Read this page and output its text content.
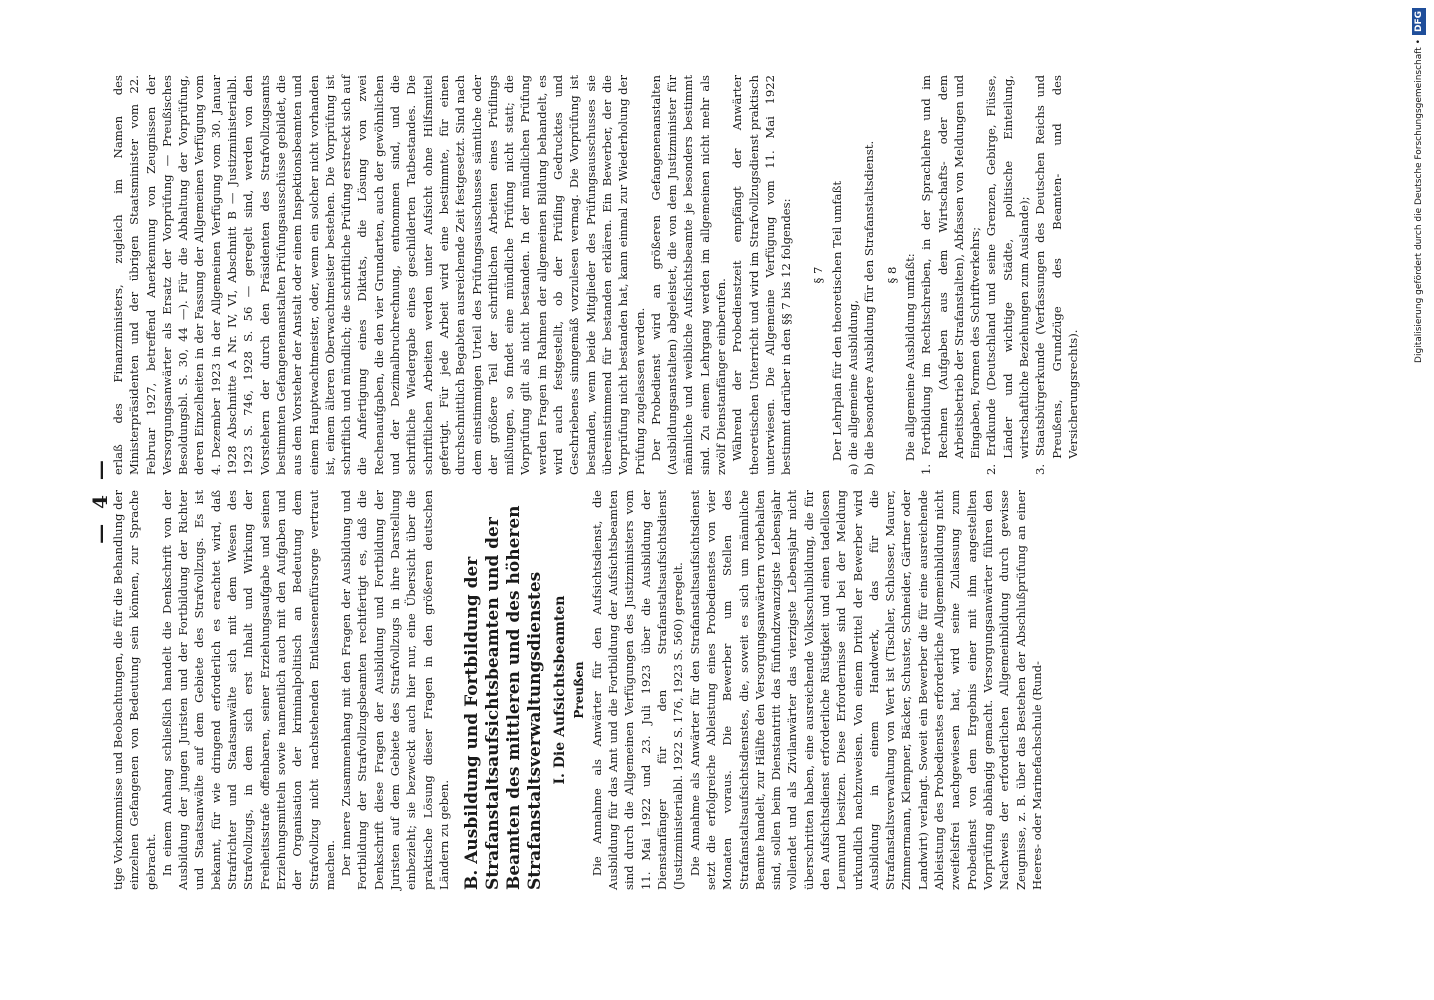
— 4 — tige Vorkommnisse und Beobachtungen, die für die Behandlung der einzelnen Gefangenen von Bedeutung sein können, zur Sprache gebracht. In einem Anhang schließlich handelt die Denkschrift von der Ausbildung der jungen Juristen und der Fortbildung der Richter und Staatsanwälte auf dem Gebiete des Strafvollzugs. Es ist bekannt, für wie dringend erforderlich es erachtet wird, daß Strafrichter und Staatsanwälte sich mit dem Wesen des Strafvollzugs, in dem sich erst Inhalt und Wirkung der Freiheitsstrafe offenbaren, seiner Erziehungsaufgabe und seinen Erziehungsmitteln sowie namentlich auch mit den Aufgaben und der Organisation der kriminalpolitisch an Bedeutung dem Strafvollzug nicht nachstehenden Entlassenenfürsorge vertraut machen. Der innere Zusammenhang mit den Fragen der Ausbildung und Fortbildung der Strafvollzugsbeamten rechtfertigt es, daß die Denkschrift diese Fragen der Ausbildung und Fortbildung der Juristen auf dem Gebiete des Strafvollzugs in ihre Darstellung einbezieht; sie bezweckt auch hier nur, eine Übersicht über die praktische Lösung dieser Fragen in den größeren deutschen Ländern zu geben. B. Ausbildung und Fortbildung der Strafanstaltsaufsichtsbeamten und der Beamten des mittleren und des höheren Strafanstaltsverwaltungsdienstes I. Die Aufsichtsbeamten Preußen Die Annahme als Anwärter für den Aufsichtsdienst, die Ausbildung für das Amt und die Fortbildung der Aufsichtsbeamten sind durch die Allgemeinen Verfügungen des Justizministers vom 11. Mai 1922 und 23. Juli 1923 über die Ausbildung der Dienstanfänger für den Strafanstaltsaufsichtsdienst (Justizministerialbl. 1922 S. 176, 1923 S. 560) geregelt. Die Annahme als Anwärter für den Strafanstaltsaufsichtsdienst setzt die erfolgreiche Ableistung eines Probedienstes von vier Monaten voraus. Die Bewerber um Stellen des Strafanstaltsaufsichtsdienstes, die, soweit es sich um männliche Beamte handelt, zur Hälfte den Versorgungsanwärtern vorbehalten sind, sollen beim Dienstantritt das fünfundzwanzigste Lebensjahr vollendet und als Zivilanwärter das vierzigste Lebensjahr nicht überschritten haben, eine ausreichende Volksschulbildung, die für den Aufsichtsdienst erforderliche Rüstigkeit und einen tadellosen Leumund besitzen. Diese Erfordernisse sind bei der Meldung urkundlich nachzuweisen. Von einem Drittel der Bewerber wird Ausbildung in einem Handwerk, das für die Strafanstaltsverwaltung von Wert ist (Tischler, Schlosser, Maurer, Zimmermann, Klempner, Bäcker, Schuster, Schneider, Gärtner oder Landwirt) verlangt. Soweit ein Bewerber die für eine ausreichende Ableistung des Probedienstes erforderliche Allgemeinbildung nicht zweifelsfrei nachgewiesen hat, wird seine Zulassung zum Probedienst von dem Ergebnis einer mit ihm angestellten Vorprüfung abhängig gemacht. Versorgungsanwärter führen den Nachweis der erforderlichen Allgemeinbildung durch gewisse Zeugnisse, z. B. über das Bestehen der Abschlußprüfung an einer Heeres- oder Marinefachschule (Rund-

erlaß des Finanzministers, zugleich im Namen des Ministerpräsidenten und der übrigen Staatsminister vom 22. Februar 1927, betreffend Anerkennung von Zeugnissen der Versorgungsanwärter als Ersatz der Vorprüfung — Preußisches Besoldungsbl. S. 30, 44 —). Für die Abhaltung der Vorprüfung, deren Einzelheiten in der Fassung der Allgemeinen Verfügung vom 4. Dezember 1923 in der Allgemeinen Verfügung vom 30. Januar 1928 Abschnitte A Nr. IV, VI, Abschnitt B — Justizministerialbl. 1923 S. 746, 1928 S. 56 — geregelt sind, werden von den Vorstehern der durch den Präsidenten des Strafvollzugsamts bestimmten Gefangenenanstalten Prüfungsausschüsse gebildet, die aus dem Vorsteher der Anstalt oder einem Inspektionsbeamten und einem Hauptwachtmeister, oder, wenn ein solcher nicht vorhanden ist, einem älteren Oberwachtmeister bestehen. Die Vorprüfung ist schriftlich und mündlich; die schriftliche Prüfung erstreckt sich auf die Anfertigung eines Diktats, die Lösung von zwei Rechenaufgaben, die den vier Grundarten, auch der gewöhnlichen und der Dezimalbruchrechnung, entnommen sind, und die schriftliche Wiedergabe eines geschilderten Tatbestandes. Die schriftlichen Arbeiten werden unter Aufsicht ohne Hilfsmittel gefertigt. Für jede Arbeit wird eine bestimmte, für einen durchschnittlich Begabten ausreichende Zeit festgesetzt. Sind nach dem einstimmigen Urteil des Prüfungsausschusses sämtliche oder der größere Teil der schriftlichen Arbeiten eines Prüflings mißlungen, so findet eine mündliche Prüfung nicht statt; die Vorprüfung gilt als nicht bestanden. In der mündlichen Prüfung werden Fragen im Rahmen der allgemeinen Bildung behandelt, es wird auch festgestellt, ob der Prüfling Gedrucktes und Geschriebenes sinngemäß vorzulesen vermag. Die Vorprüfung ist bestanden, wenn beide Mitglieder des Prüfungsausschusses sie übereinstimmend für bestanden erklären. Ein Bewerber, der die Vorprüfung nicht bestanden hat, kann einmal zur Wiederholung der Prüfung zugelassen werden. Der Probedienst wird an größeren Gefangenenanstalten (Ausbildungsanstalten) abgeleistet, die von dem Justizminister für männliche und weibliche Aufsichtsbeamte je besonders bestimmt sind. Zu einem Lehrgang werden im allgemeinen nicht mehr als zwölf Dienstanfänger einberufen. Während der Probedienstzeit empfängt der Anwärter theoretischen Unterricht und wird im Strafvollzugsdienst praktisch unterwiesen. Die Allgemeine Verfügung vom 11. Mai 1922 bestimmt darüber in den §§ 7 bis 12 folgendes: § 7 Der Lehrplan für den theoretischen Teil umfaßt a) die allgemeine Ausbildung, b) die besondere Ausbildung für den Strafanstaltsdienst. § 8 Die allgemeine Ausbildung umfaßt: 1. Fortbildung im Rechtschreiben, in der Sprachlehre und im Rechnen (Aufgaben aus dem Wirtschafts- oder dem Arbeitsbetrieb der Strafanstalten), Abfassen von Meldungen und Eingaben, Formen des Schriftverkehrs; 2. Erdkunde (Deutschland und seine Grenzen, Gebirge, Flüsse, Länder und wichtige Städte, politische Einteilung, wirtschaftliche Beziehungen zum Auslande); 3. Staatsbürgerkunde (Verfassungen des Deutschen Reichs und Preußens, Grundzüge des Beamten- und des Versicherungsrechts).
Digitalisierung gefördert durch die Deutsche Forschungsgemeinschaft •DFG
